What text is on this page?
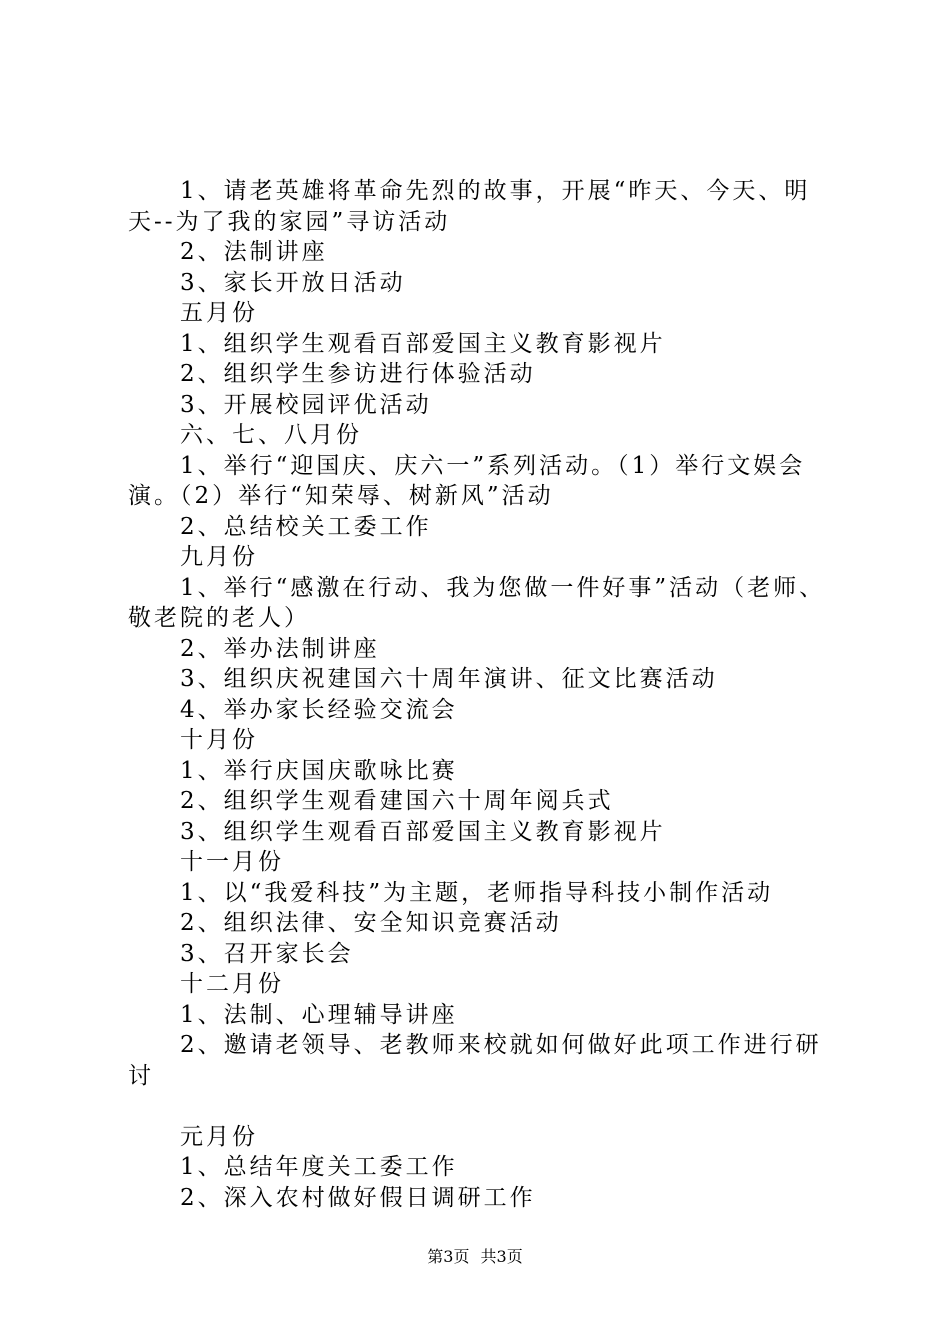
1、请老英雄将革命先烈的故事，开展“昨天、今天、明天--为了我的家园”寻访活动

2、法制讲座

3、家长开放日活动

五月份

1、组织学生观看百部爱国主义教育影视片

2、组织学生参访进行体验活动

3、开展校园评优活动

六、七、八月份

1、举行“迎国庆、庆六一”系列活动。（1）举行文娱会演。（2）举行“知荣辱、树新风”活动

2、总结校关工委工作

九月份

1、举行“感激在行动、我为您做一件好事”活动（老师、敬老院的老人）

2、举办法制讲座

3、组织庆祝建国六十周年演讲、征文比赛活动

4、举办家长经验交流会

十月份

1、举行庆国庆歌咏比赛

2、组织学生观看建国六十周年阅兵式

3、组织学生观看百部爱国主义教育影视片

十一月份

1、以“我爱科技”为主题，老师指导科技小制作活动

2、组织法律、安全知识竞赛活动

3、召开家长会

十二月份

1、法制、心理辅导讲座

2、邀请老领导、老教师来校就如何做好此项工作进行研讨

元月份

1、总结年度关工委工作

2、深入农村做好假日调研工作

第3页 共3页
